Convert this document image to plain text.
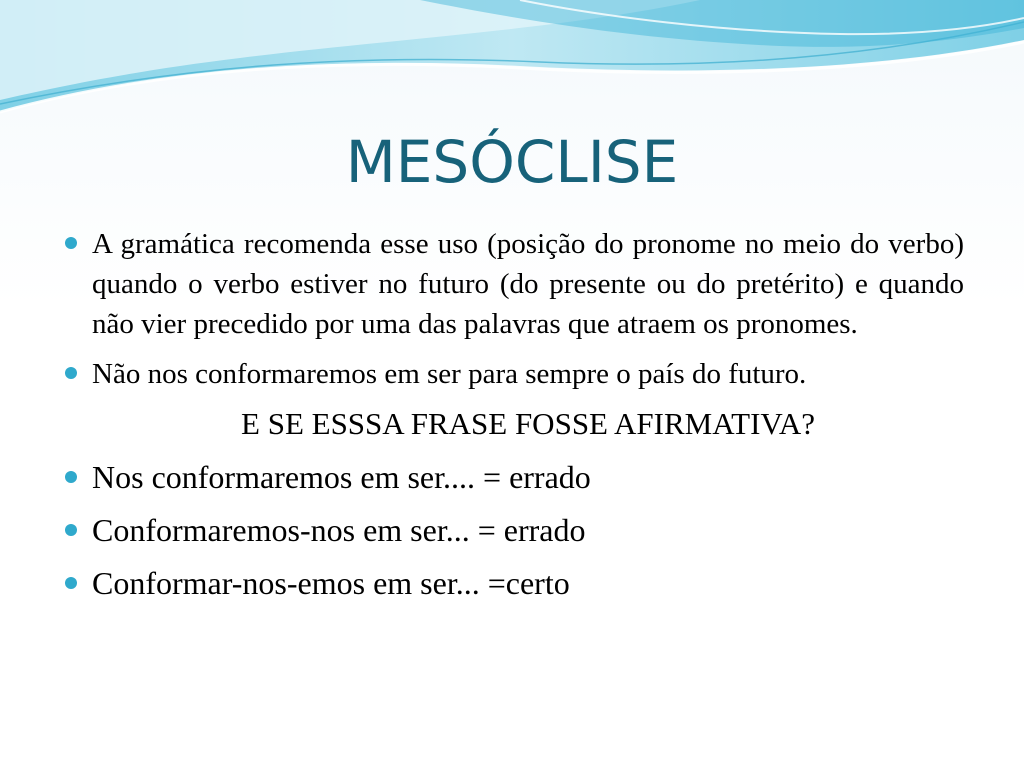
MESÓCLISE
A gramática recomenda esse uso (posição do pronome no meio do verbo) quando o verbo estiver no futuro (do presente ou do pretérito) e quando não vier precedido por uma das palavras que atraem os pronomes.
Não nos conformaremos em ser para sempre o país do futuro.
E SE ESSSA FRASE FOSSE AFIRMATIVA?
Nos conformaremos em ser.... = errado
Conformaremos-nos em ser... = errado
Conformar-nos-emos em ser... =certo
